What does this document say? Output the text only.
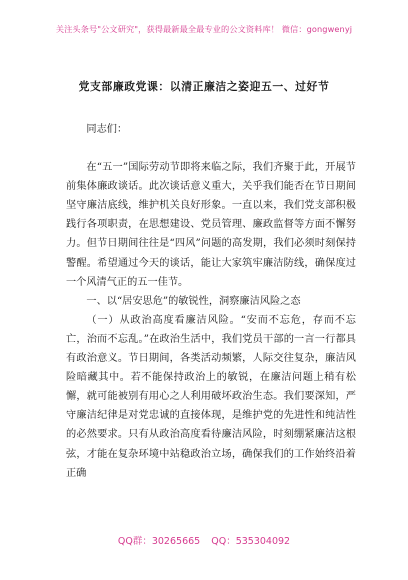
关注头条号"公文研究"，获得最新最全最专业的公文资料库！ 微信：gongwenyj
党支部廉政党课：以清正廉洁之姿迎五一、过好节

同志们：

在“五一”国际劳动节即将来临之际，我们齐聚于此，开展节前集体廉政谈话。此次谈话意义重大，关乎我们能否在节日期间坚守廉洁底线，维护机关良好形象。一直以来，我们党支部积极践行各项职责，在思想建设、党员管理、廉政监督等方面不懈努力。但节日期间往往是“四风”问题的高发期，我们必须时刻保持警醒。希望通过今天的谈话，能让大家筑牢廉洁防线，确保度过一个风清气正的五一佳节。

一、以“居安思危”的敏锐性，洞察廉洁风险之态

（一）从政治高度看廉洁风险。“安而不忘危，存而不忘亡，治而不忘乱。”在政治生活中，我们党员干部的一言一行都具有政治意义。节日期间，各类活动频繁，人际交往复杂，廉洁风险暗藏其中。若不能保持政治上的敏锐，在廉洁问题上稍有松懈，就可能被别有用心之人利用破坏政治生态。我们要深知，严守廉洁纪律是对党忠诚的直接体现，是维护党的先进性和纯洁性的必然要求。只有从政治高度看待廉洁风险，时刻绷紧廉洁这根弦，才能在复杂环境中站稳政治立场，确保我们的工作始终沿着正确

QQ群：30265665 QQ：535304092
